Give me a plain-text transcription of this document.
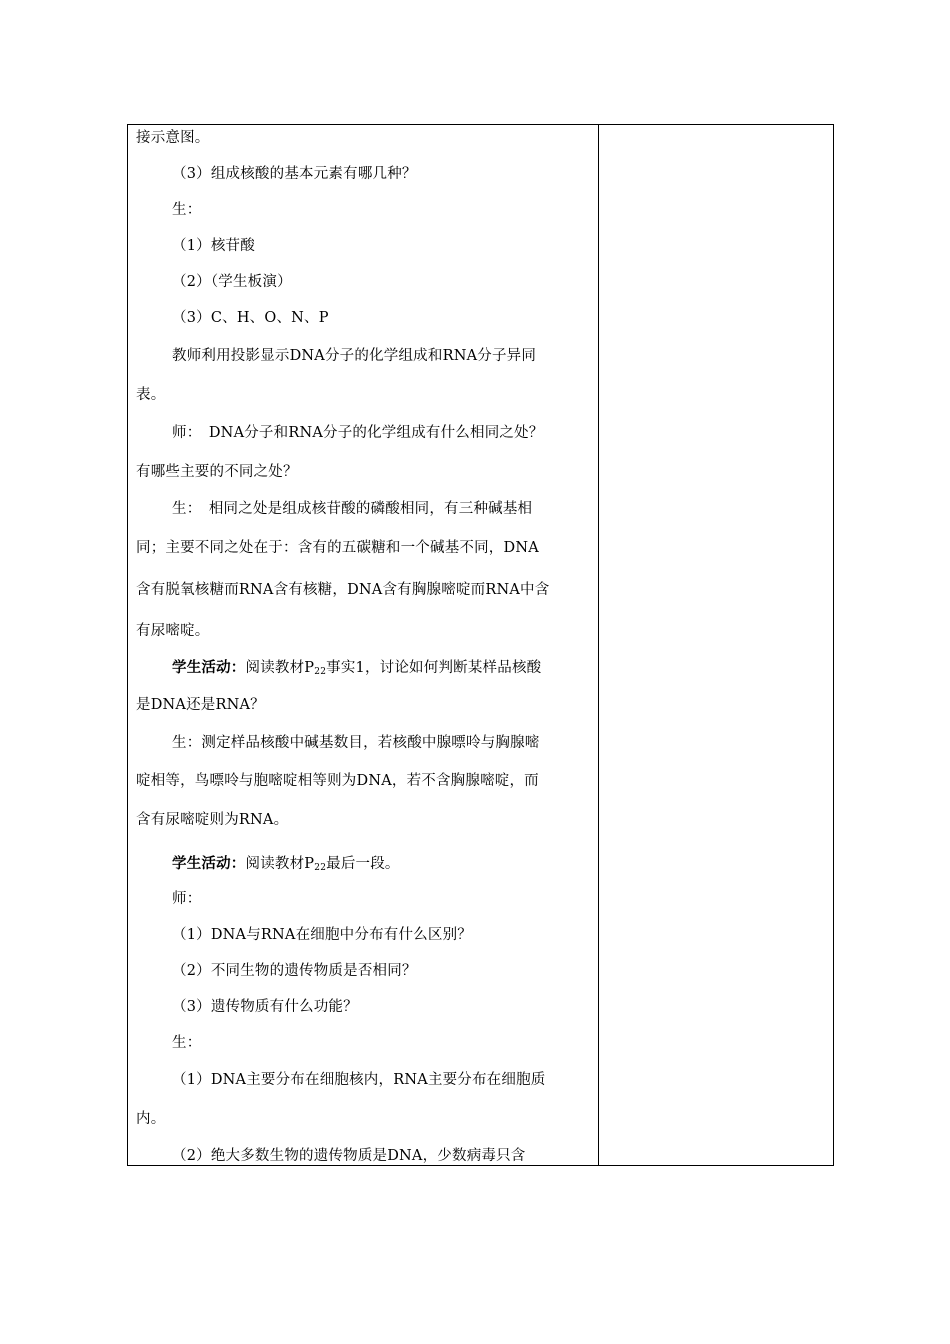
接示意图。
（3）组成核酸的基本元素有哪几种？
生：
（1）核苷酸
（2）（学生板演）
（3）C、H、O、N、P
教师利用投影显示DNA分子的化学组成和RNA分子异同
表。
师：　DNA分子和RNA分子的化学组成有什么相同之处？
有哪些主要的不同之处？
生：　相同之处是组成核苷酸的磷酸相同，有三种碱基相
同；主要不同之处在于：含有的五碳糖和一个碱基不同，DNA
含有脱氧核糖而RNA含有核糖，DNA含有胸腺嘧啶而RNA中含
有尿嘧啶。
学生活动：阅读教材$P_{22}$事实1，讨论如何判断某样品核酸
是DNA还是RNA？
生：测定样品核酸中碱基数目，若核酸中腺嘌呤与胸腺嘧
啶相等，鸟嘌呤与胞嘧啶相等则为DNA，若不含胸腺嘧啶，而
含有尿嘧啶则为RNA。
学生活动：阅读教材$P_{22}$最后一段。
师：
（1）DNA与RNA在细胞中分布有什么区别？
（2）不同生物的遗传物质是否相同？
（3）遗传物质有什么功能？
生：
（1）DNA主要分布在细胞核内，RNA主要分布在细胞质
内。
（2）绝大多数生物的遗传物质是DNA，少数病毒只含
